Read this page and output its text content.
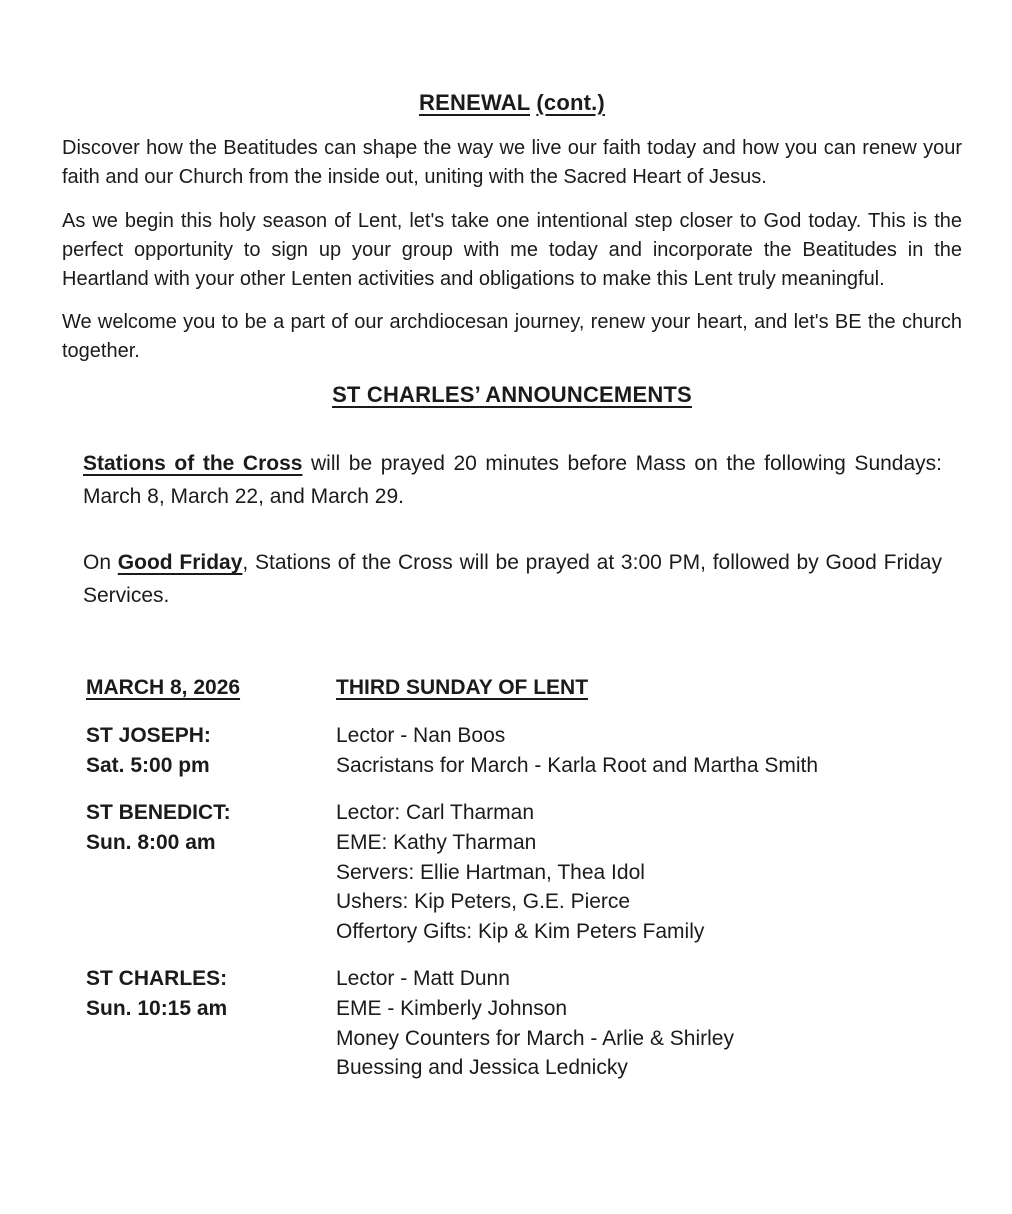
RENEWAL (cont.)

Discover how the Beatitudes can shape the way we live our faith today and how you can renew your faith and our Church from the inside out, uniting with the Sacred Heart of Jesus.

As we begin this holy season of Lent, let's take one intentional step closer to God today. This is the perfect opportunity to sign up your group with me today and incorporate the Beatitudes in the Heartland with your other Lenten activities and obligations to make this Lent truly meaningful.

We welcome you to be a part of our archdiocesan journey, renew your heart, and let's BE the church together.

ST CHARLES’ ANNOUNCEMENTS

Stations of the Cross will be prayed 20 minutes before Mass on the following Sundays: March 8, March 22, and March 29.

On Good Friday, Stations of the Cross will be prayed at 3:00 PM, followed by Good Friday Services.

MARCH 8, 2026	THIRD SUNDAY OF LENT
ST JOSEPH:
Sat. 5:00 pm
Lector - Nan Boos
Sacristans for March - Karla Root and Martha Smith
ST BENEDICT:
Sun. 8:00 am
Lector: Carl Tharman
EME: Kathy Tharman
Servers: Ellie Hartman, Thea Idol
Ushers: Kip Peters, G.E. Pierce
Offertory Gifts: Kip & Kim Peters Family
ST CHARLES:
Sun. 10:15 am
Lector - Matt Dunn
EME - Kimberly Johnson
Money Counters for March - Arlie & Shirley
Buessing and Jessica Lednicky
